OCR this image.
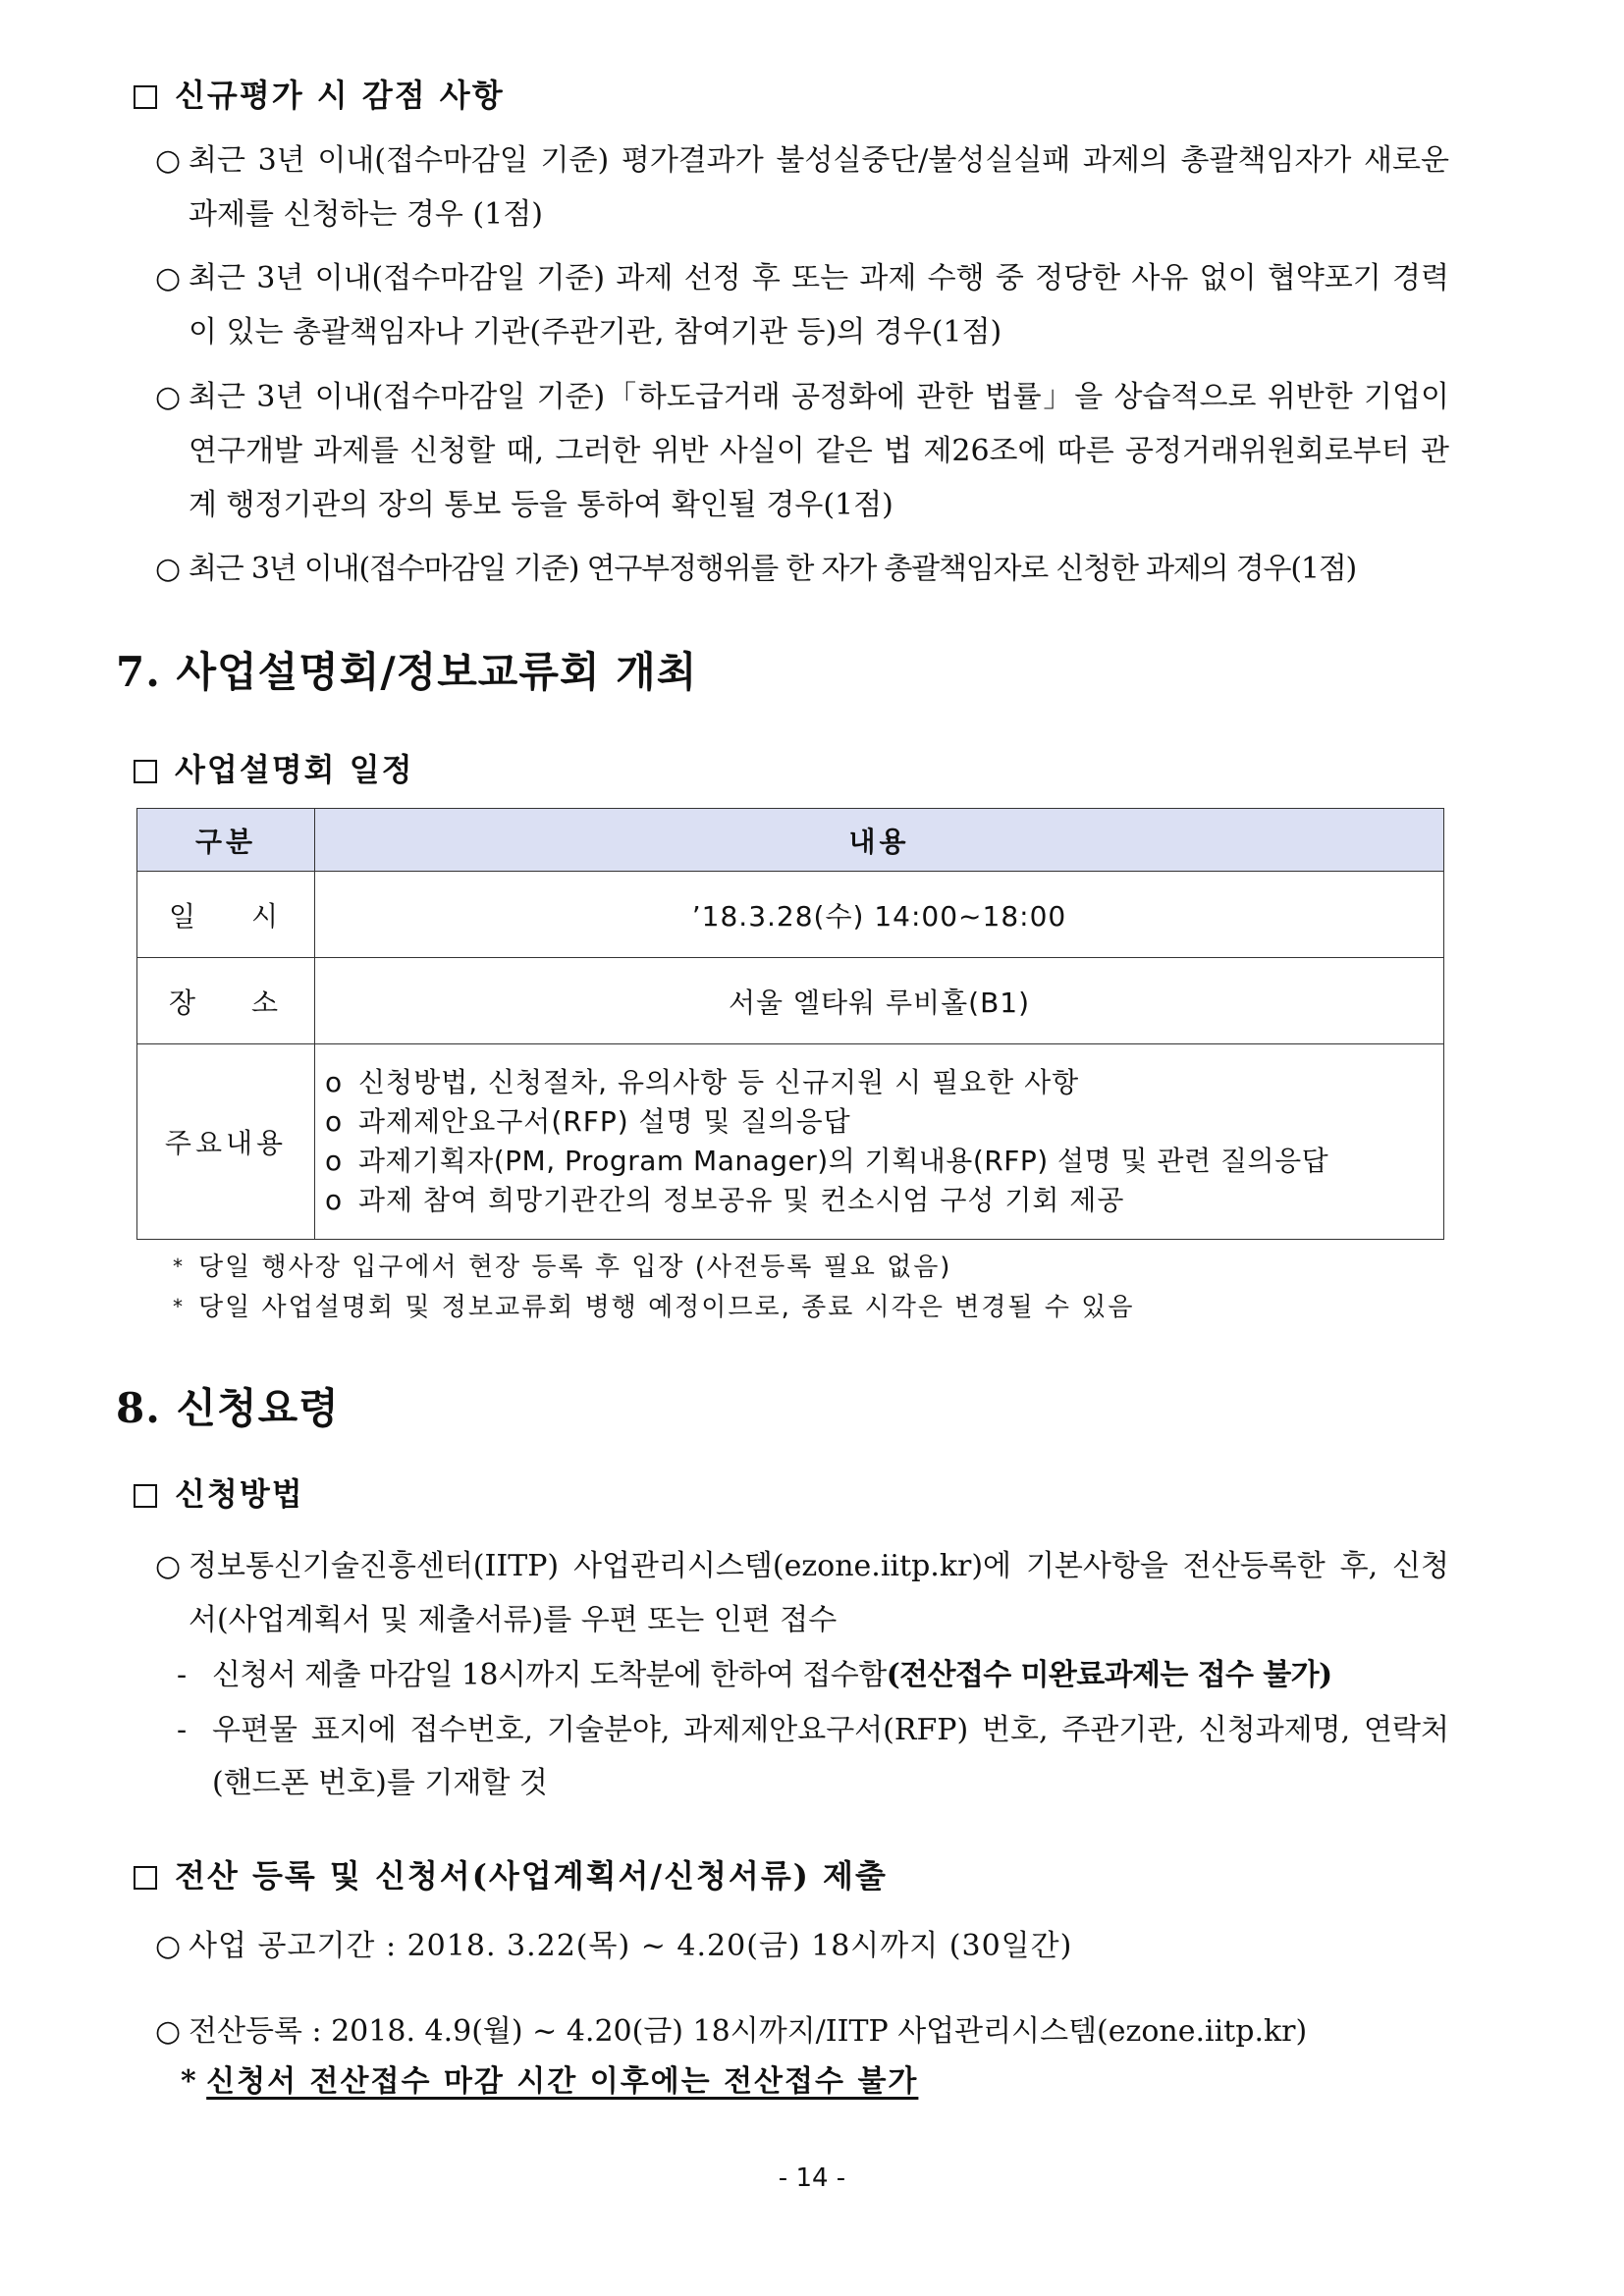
신규평가 시 감점 사항
○ 최근 3년 이내(접수마감일 기준) 평가결과가 불성실중단/불성실실패 과제의 총괄책임자가 새로운 과제를 신청하는 경우 (1점)
○ 최근 3년 이내(접수마감일 기준) 과제 선정 후 또는 과제 수행 중 정당한 사유 없이 협약포기 경력이 있는 총괄책임자나 기관(주관기관, 참여기관 등)의 경우(1점)
○ 최근 3년 이내(접수마감일 기준)「하도급거래 공정화에 관한 법률」을 상습적으로 위반한 기업이 연구개발 과제를 신청할 때, 그러한 위반 사실이 같은 법 제26조에 따른 공정거래위원회로부터 관계 행정기관의 장의 통보 등을 통하여 확인될 경우(1점)
○ 최근 3년 이내(접수마감일 기준) 연구부정행위를 한 자가 총괄책임자로 신청한 과제의 경우(1점)
7. 사업설명회/정보교류회 개최
사업설명회 일정
구분	내용
일 시	’18.3.28(수) 14:00~18:00
장 소	서울 엘타워 루비홀(B1)
주요내용	o 신청방법, 신청절차, 유의사항 등 신규지원 시 필요한 사항
o 과제제안요구서(RFP) 설명 및 질의응답
o 과제기획자(PM, Program Manager)의 기획내용(RFP) 설명 및 관련 질의응답
o 과제 참여 희망기관간의 정보공유 및 컨소시엄 구성 기회 제공
* 당일 행사장 입구에서 현장 등록 후 입장 (사전등록 필요 없음)
* 당일 사업설명회 및 정보교류회 병행 예정이므로, 종료 시각은 변경될 수 있음
8. 신청요령
신청방법
○ 정보통신기술진흥센터(IITP) 사업관리시스템(ezone.iitp.kr)에 기본사항을 전산등록한 후, 신청서(사업계획서 및 제출서류)를 우편 또는 인편 접수
- 신청서 제출 마감일 18시까지 도착분에 한하여 접수함(전산접수 미완료과제는 접수 불가)
- 우편물 표지에 접수번호, 기술분야, 과제제안요구서(RFP) 번호, 주관기관, 신청과제명, 연락처(핸드폰 번호)를 기재할 것
전산 등록 및 신청서(사업계획서/신청서류) 제출
○ 사업 공고기간 : 2018. 3.22(목) ~ 4.20(금) 18시까지 (30일간)
○ 전산등록 : 2018. 4.9(월) ~ 4.20(금) 18시까지/IITP 사업관리시스템(ezone.iitp.kr)
* 신청서 전산접수 마감 시간 이후에는 전산접수 불가
- 14 -
